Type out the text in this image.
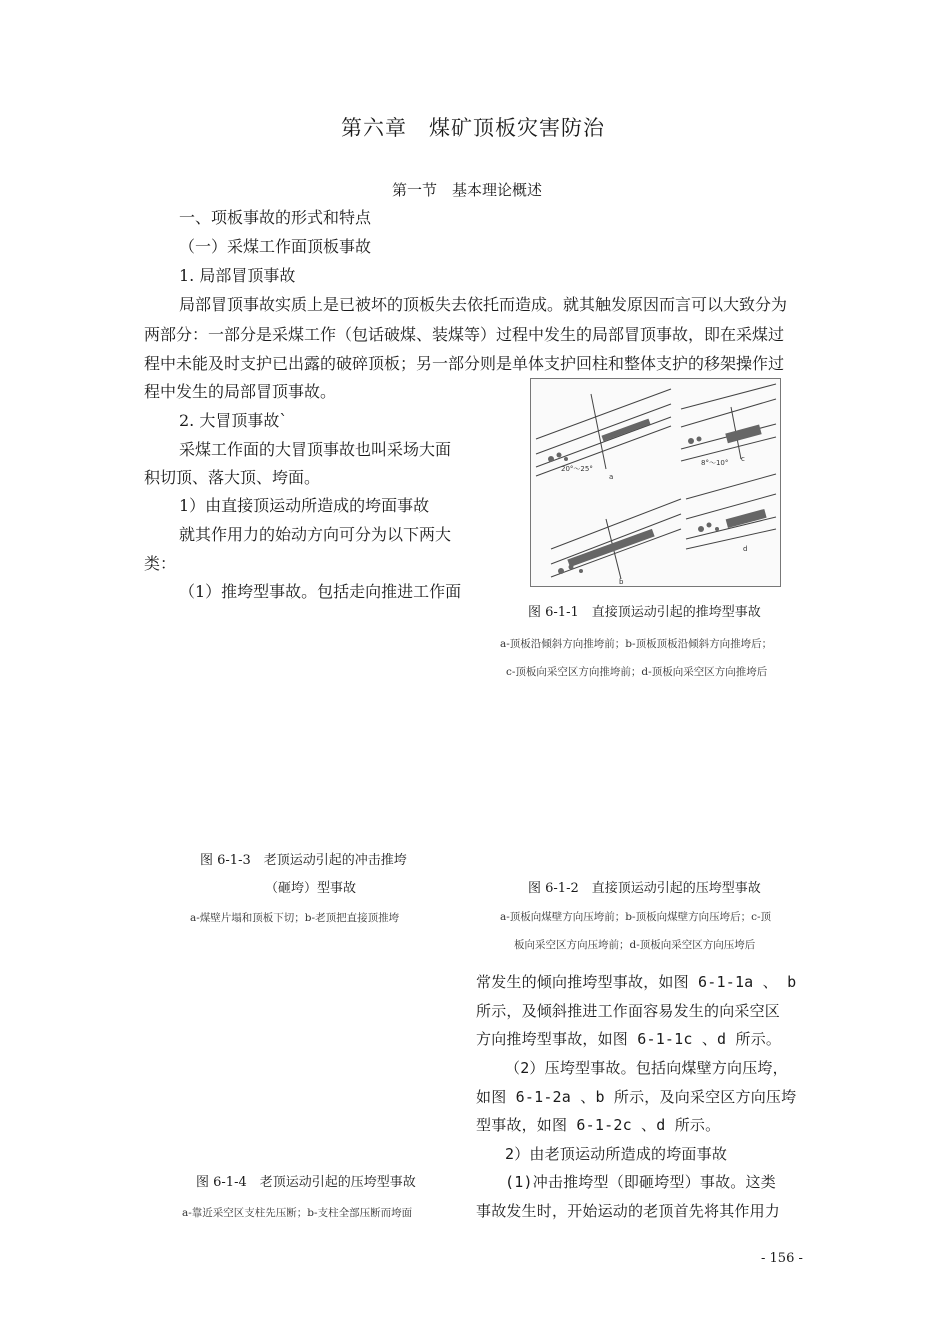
第六章　煤矿顶板灾害防治
第一节　基本理论概述
一、项板事故的形式和特点
（一）采煤工作面顶板事故
1. 局部冒顶事故
局部冒顶事故实质上是已被坏的顶板失去依托而造成。就其触发原因而言可以大致分为
两部分：一部分是采煤工作（包话破煤、装煤等）过程中发生的局部冒顶事故，即在采煤过
程中未能及时支护已出露的破碎顶板；另一部分则是单体支护回柱和整体支护的移架操作过
程中发生的局部冒顶事故。
2. 大冒顶事故`
采煤工作面的大冒顶事故也叫采场大面
积切顶、落大顶、垮面。
1）由直接顶运动所造成的垮面事故
就其作用力的始动方向可分为以下两大
类：
（1）推垮型事故。包括走向推进工作面
a
c
b
d
20°～25°
8°～10°
图 6-1-1　直接顶运动引起的推垮型事故
a-顶板沿倾斜方向推垮前；b-顶板顶板沿倾斜方向推垮后；
c-顶板向采空区方向推垮前；d-顶板向采空区方向推垮后
图 6-1-3　老顶运动引起的冲击推垮
（砸垮）型事故
a-煤壁片塌和顶板下切；b-老顶把直接顶推垮
图 6-1-2　直接顶运动引起的压垮型事故
a-顶板向煤壁方向压垮前；b-顶板向煤壁方向压垮后；c-顶
板向采空区方向压垮前；d-顶板向采空区方向压垮后
常发生的倾向推垮型事故，如图 6-1-1a 、 b
所示，及倾斜推进工作面容易发生的向采空区
方向推垮型事故，如图 6-1-1c 、d 所示。
（2）压垮型事故。包括向煤壁方向压垮，
如图 6-1-2a 、b 所示，及向采空区方向压垮
型事故，如图 6-1-2c 、d 所示。
2）由老顶运动所造成的垮面事故
(1)冲击推垮型（即砸垮型）事故。这类
事故发生时，开始运动的老顶首先将其作用力
图 6-1-4　老顶运动引起的压垮型事故
a-靠近采空区支柱先压断；b-支柱全部压断而垮面
- 156 -
